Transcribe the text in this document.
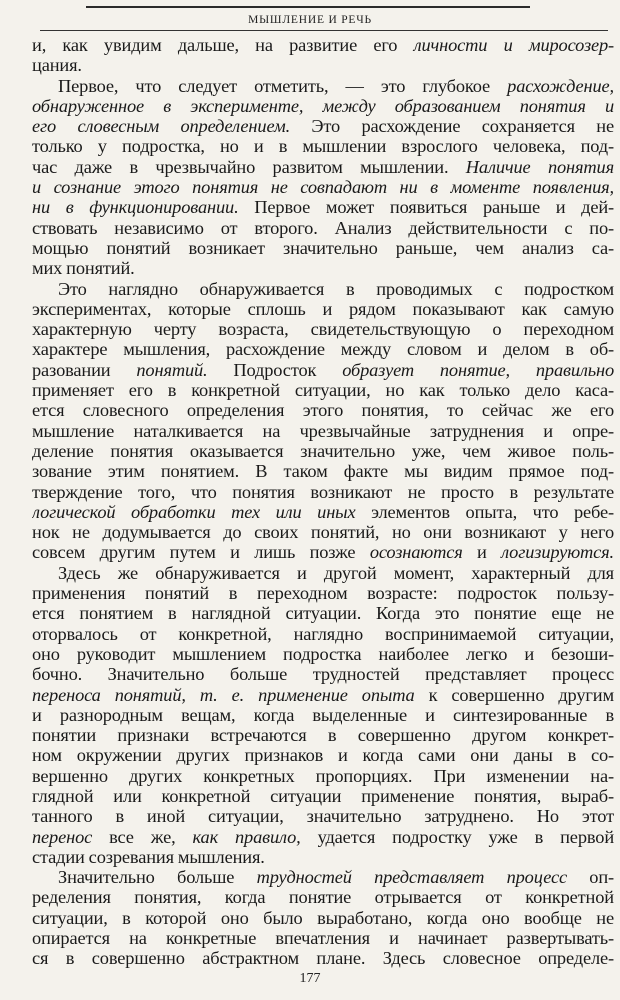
МЫШЛЕНИЕ И РЕЧЬ
и, как увидим дальше, на развитие его личности и миросозер-
цания.
Первое, что следует отметить, — это глубокое расхождение,
обнаруженное в эксперименте, между образованием понятия и
его словесным определением. Это расхождение сохраняется не
только у подростка, но и в мышлении взрослого человека, под-
час даже в чрезвычайно развитом мышлении. Наличие понятия
и сознание этого понятия не совпадают ни в моменте появления,
ни в функционировании. Первое может появиться раньше и дей-
ствовать независимо от второго. Анализ действительности с по-
мощью понятий возникает значительно раньше, чем анализ са-
мих понятий.
Это наглядно обнаруживается в проводимых с подростком
экспериментах, которые сплошь и рядом показывают как самую
характерную черту возраста, свидетельствующую о переходном
характере мышления, расхождение между словом и делом в об-
разовании понятий. Подросток образует понятие, правильно
применяет его в конкретной ситуации, но как только дело каса-
ется словесного определения этого понятия, то сейчас же его
мышление наталкивается на чрезвычайные затруднения и опре-
деление понятия оказывается значительно уже, чем живое поль-
зование этим понятием. В таком факте мы видим прямое под-
тверждение того, что понятия возникают не просто в результате
логической обработки тех или иных элементов опыта, что ребе-
нок не додумывается до своих понятий, но они возникают у него
совсем другим путем и лишь позже осознаются и логизируются.
Здесь же обнаруживается и другой момент, характерный для
применения понятий в переходном возрасте: подросток пользу-
ется понятием в наглядной ситуации. Когда это понятие еще не
оторвалось от конкретной, наглядно воспринимаемой ситуации,
оно руководит мышлением подростка наиболее легко и безоши-
бочно. Значительно больше трудностей представляет процесс
переноса понятий, т. е. применение опыта к совершенно другим
и разнородным вещам, когда выделенные и синтезированные в
понятии признаки встречаются в совершенно другом конкрет-
ном окружении других признаков и когда сами они даны в со-
вершенно других конкретных пропорциях. При изменении на-
глядной или конкретной ситуации применение понятия, выраб-
танного в иной ситуации, значительно затруднено. Но этот
перенос все же, как правило, удается подростку уже в первой
стадии созревания мышления.
Значительно больше трудностей представляет процесс оп-
ределения понятия, когда понятие отрывается от конкретной
ситуации, в которой оно было выработано, когда оно вообще не
опирается на конкретные впечатления и начинает развертывать-
ся в совершенно абстрактном плане. Здесь словесное определе-
177
